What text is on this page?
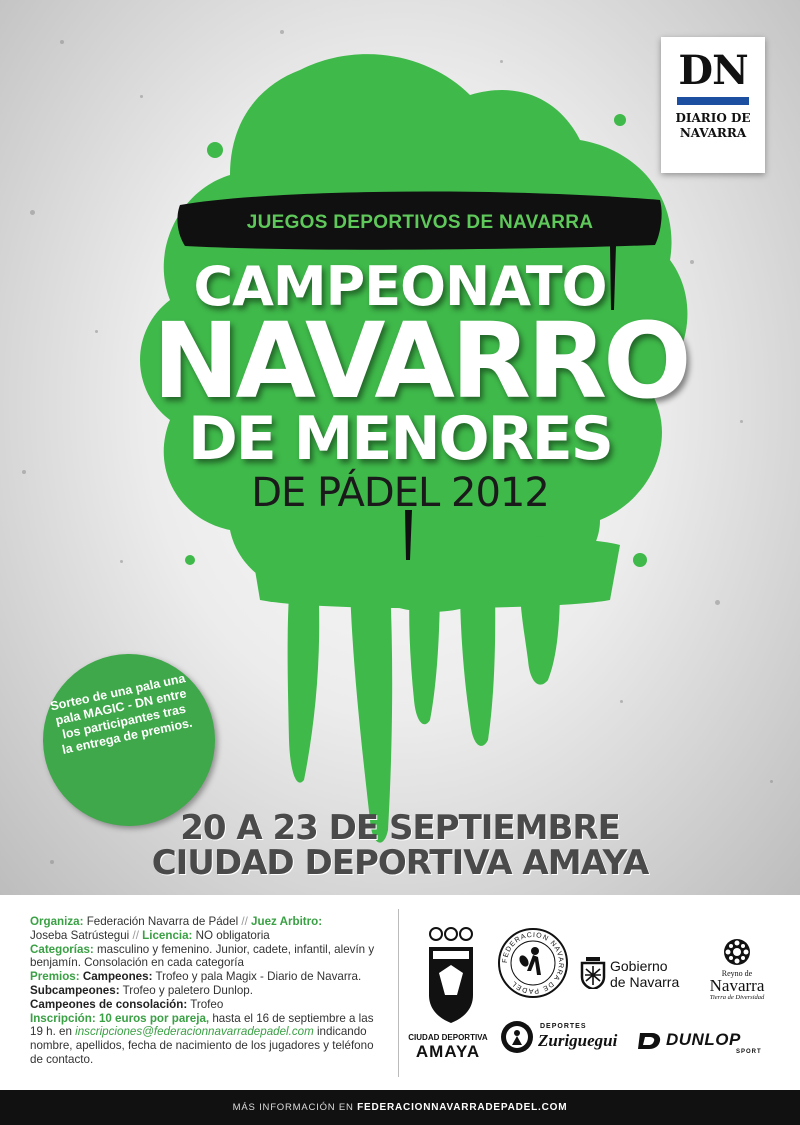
DN
DIARIO DE
NAVARRA
JUEGOS DEPORTIVOS DE NAVARRA
CAMPEONATO
NAVARRO
DE MENORES
DE PÁDEL 2012
Sorteo de una pala una pala MAGIC - DN entre los participantes tras la entrega de premios.
20 A 23 DE SEPTIEMBRE
CIUDAD DEPORTIVA AMAYA
Organiza: Federación Navarra de Pádel // Juez Arbitro:
Joseba Satrústegui // Licencia: NO obligatoria
Categorías: masculino y femenino. Junior, cadete, infantil, alevín y benjamín. Consolación en cada categoría
Premios: Campeones: Trofeo y pala Magix - Diario de Navarra. Subcampeones: Trofeo y paletero Dunlop.
Campeones de consolación: Trofeo
Inscripción: 10 euros por pareja, hasta el 16 de septiembre a las 19 h. en inscripciones@federacionnavarradepadel.com indicando nombre, apellidos, fecha de nacimiento de los jugadores y teléfono de contacto.
CIUDAD DEPORTIVA
AMAYA
FEDERACION NAVARRA DE PADEL
Gobierno
de Navarra
Reyno de
Navarra
Tierra de Diversidad
DEPORTES
Zuriguegui	DUNLOP
SPORT
MÁS INFORMACIÓN EN FEDERACIONNAVARRADEPADEL.COM
